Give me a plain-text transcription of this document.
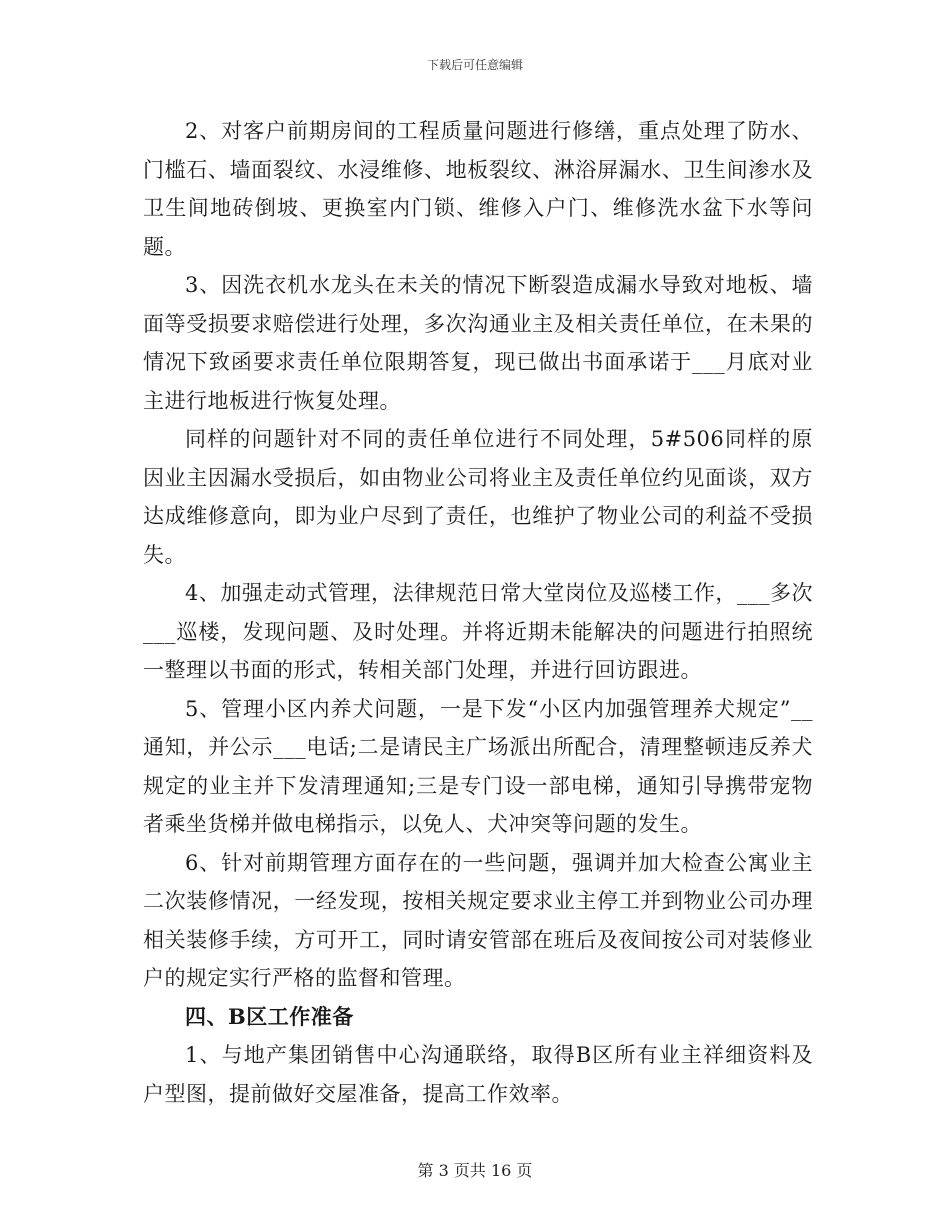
下载后可任意编辑

2、对客户前期房间的工程质量问题进行修缮，重点处理了防水、门槛石、墙面裂纹、水浸维修、地板裂纹、淋浴屏漏水、卫生间渗水及卫生间地砖倒坡、更换室内门锁、维修入户门、维修洗水盆下水等问题。

3、因洗衣机水龙头在未关的情况下断裂造成漏水导致对地板、墙面等受损要求赔偿进行处理，多次沟通业主及相关责任单位，在未果的情况下致函要求责任单位限期答复，现已做出书面承诺于___月底对业主进行地板进行恢复处理。

同样的问题针对不同的责任单位进行不同处理，5#506同样的原因业主因漏水受损后，如由物业公司将业主及责任单位约见面谈，双方达成维修意向，即为业户尽到了责任，也维护了物业公司的利益不受损失。

4、加强走动式管理，法律规范日常大堂岗位及巡楼工作，___多次___巡楼，发现问题、及时处理。并将近期未能解决的问题进行拍照统一整理以书面的形式，转相关部门处理，并进行回访跟进。

5、管理小区内养犬问题，一是下发“小区内加强管理养犬规定”__通知，并公示___电话;二是请民主广场派出所配合，清理整顿违反养犬规定的业主并下发清理通知;三是专门设一部电梯，通知引导携带宠物者乘坐货梯并做电梯指示，以免人、犬冲突等问题的发生。

6、针对前期管理方面存在的一些问题，强调并加大检查公寓业主二次装修情况，一经发现，按相关规定要求业主停工并到物业公司办理相关装修手续，方可开工，同时请安管部在班后及夜间按公司对装修业户的规定实行严格的监督和管理。

四、B区工作准备

1、与地产集团销售中心沟通联络，取得B区所有业主祥细资料及户型图，提前做好交屋准备，提高工作效率。

第 3 页共 16 页
